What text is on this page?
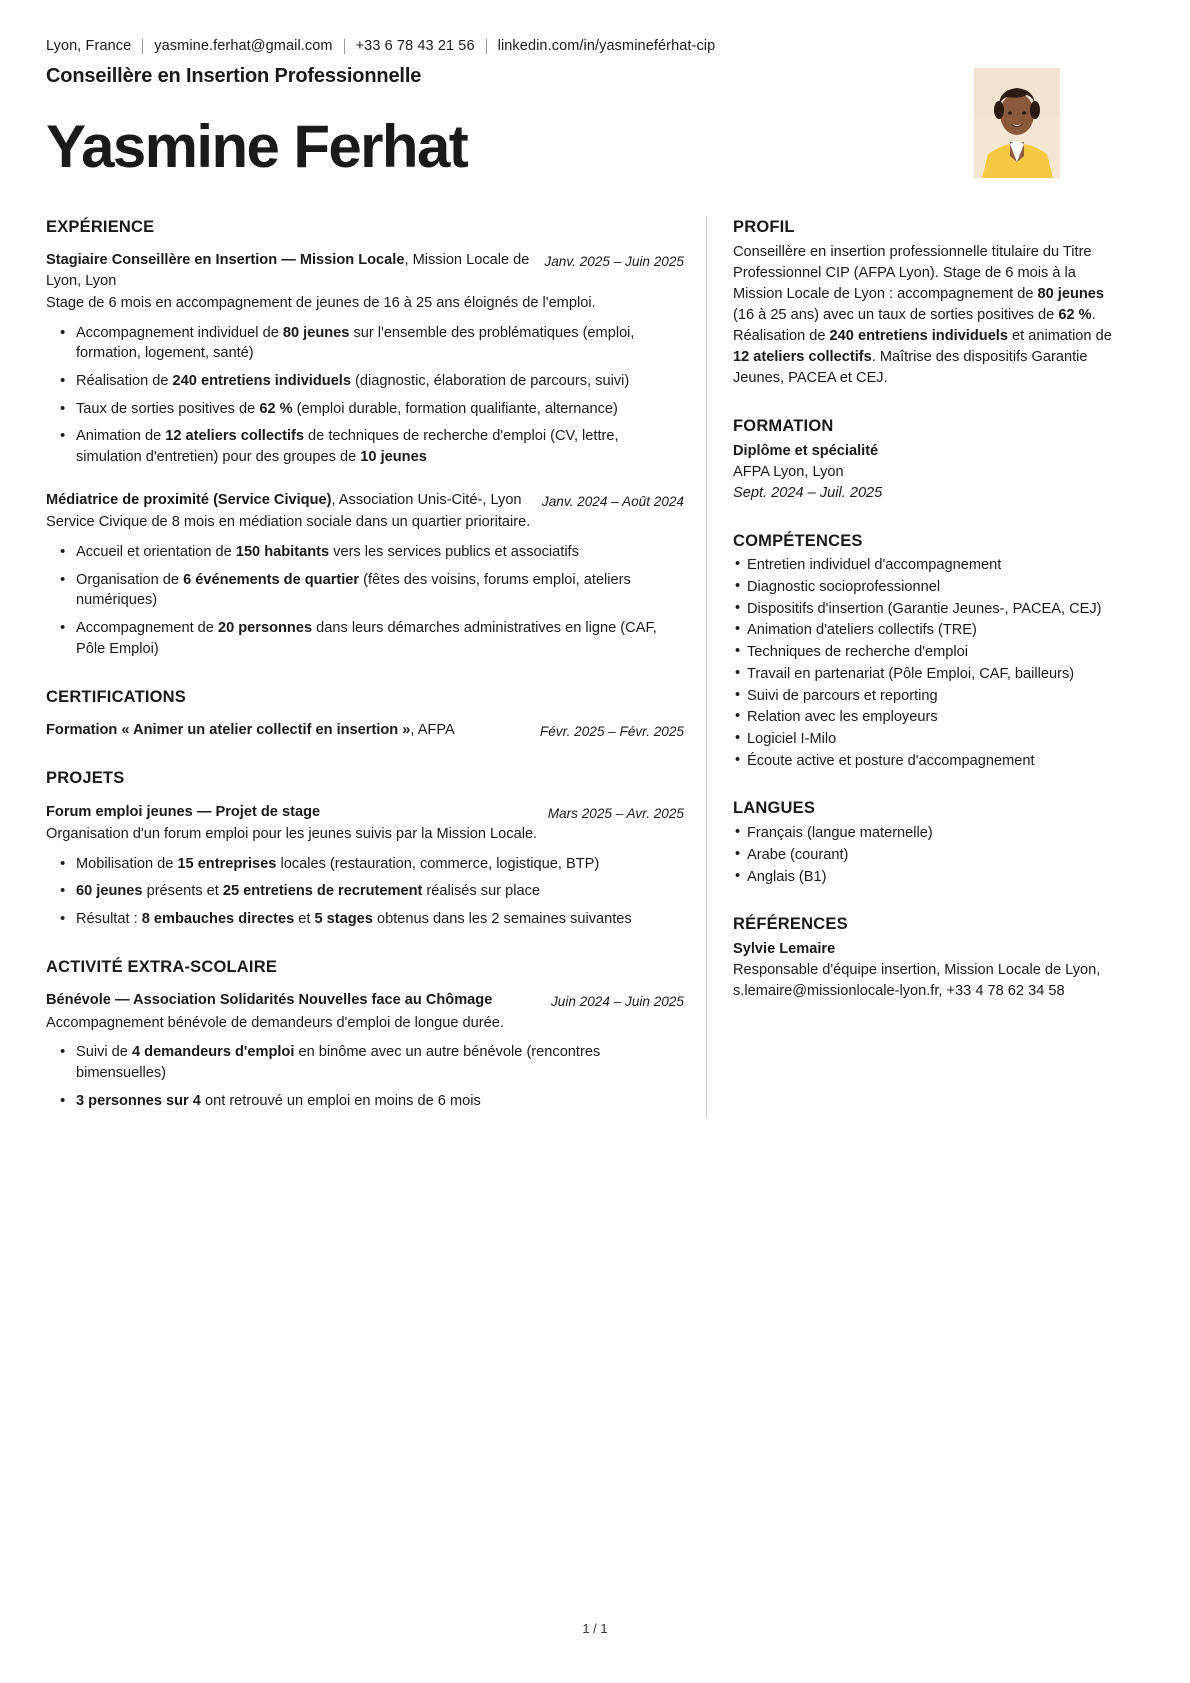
Lyon, France	yasmine.ferhat@gmail.com	+33 6 78 43 21 56	linkedin.com/in/yasmineférhat-cip
Conseillère en Insertion Professionnelle
Yasmine Ferhat
EXPÉRIENCE
Stagiaire Conseillère en Insertion — Mission Locale, Mission Locale de Lyon, Lyon
Janv. 2025 – Juin 2025
Stage de 6 mois en accompagnement de jeunes de 16 à 25 ans éloignés de l'emploi.
• Accompagnement individuel de 80 jeunes sur l'ensemble des problématiques (emploi, formation, logement, santé)
• Réalisation de 240 entretiens individuels (diagnostic, élaboration de parcours, suivi)
• Taux de sorties positives de 62 % (emploi durable, formation qualifiante, alternance)
• Animation de 12 ateliers collectifs de techniques de recherche d'emploi (CV, lettre, simulation d'entretien) pour des groupes de 10 jeunes
Médiatrice de proximité (Service Civique), Association Unis-Cité-, Lyon Janv. 2024 – Août 2024
Service Civique de 8 mois en médiation sociale dans un quartier prioritaire.
• Accueil et orientation de 150 habitants vers les services publics et associatifs
• Organisation de 6 événements de quartier (fêtes des voisins, forums emploi, ateliers numériques)
• Accompagnement de 20 personnes dans leurs démarches administratives en ligne (CAF, Pôle Emploi)
CERTIFICATIONS
Formation « Animer un atelier collectif en insertion », AFPA	Févr. 2025 – Févr. 2025
PROJETS
Forum emploi jeunes — Projet de stage	Mars 2025 – Avr. 2025
Organisation d'un forum emploi pour les jeunes suivis par la Mission Locale.
• Mobilisation de 15 entreprises locales (restauration, commerce, logistique, BTP)
• 60 jeunes présents et 25 entretiens de recrutement réalisés sur place
• Résultat : 8 embauches directes et 5 stages obtenus dans les 2 semaines suivantes
ACTIVITÉ EXTRA-SCOLAIRE
Bénévole — Association Solidarités Nouvelles face au Chômage	Juin 2024 – Juin 2025
Accompagnement bénévole de demandeurs d'emploi de longue durée.
• Suivi de 4 demandeurs d'emploi en binôme avec un autre bénévole (rencontres bimensuelles)
• 3 personnes sur 4 ont retrouvé un emploi en moins de 6 mois
PROFIL
Conseillère en insertion professionnelle titulaire du Titre Professionnel CIP (AFPA Lyon). Stage de 6 mois à la Mission Locale de Lyon : accompagnement de 80 jeunes (16 à 25 ans) avec un taux de sorties positives de 62 %. Réalisation de 240 entretiens individuels et animation de 12 ateliers collectifs. Maîtrise des dispositifs Garantie Jeunes, PACEA et CEJ.
FORMATION
Diplôme et spécialité
AFPA Lyon, Lyon
Sept. 2024 – Juil. 2025
COMPÉTENCES
• Entretien individuel d'accompagnement
• Diagnostic socioprofessionnel
• Dispositifs d'insertion (Garantie Jeunes-, PACEA, CEJ)
• Animation d'ateliers collectifs (TRE)
• Techniques de recherche d'emploi
• Travail en partenariat (Pôle Emploi, CAF, bailleurs)
• Suivi de parcours et reporting
• Relation avec les employeurs
• Logiciel I-Milo
• Écoute active et posture d'accompagnement
LANGUES
• Français (langue maternelle)
• Arabe (courant)
• Anglais (B1)
RÉFÉRENCES
Sylvie Lemaire
Responsable d'équipe insertion, Mission Locale de Lyon, s.lemaire@missionlocale-lyon.fr, +33 4 78 62 34 58
1 / 1
